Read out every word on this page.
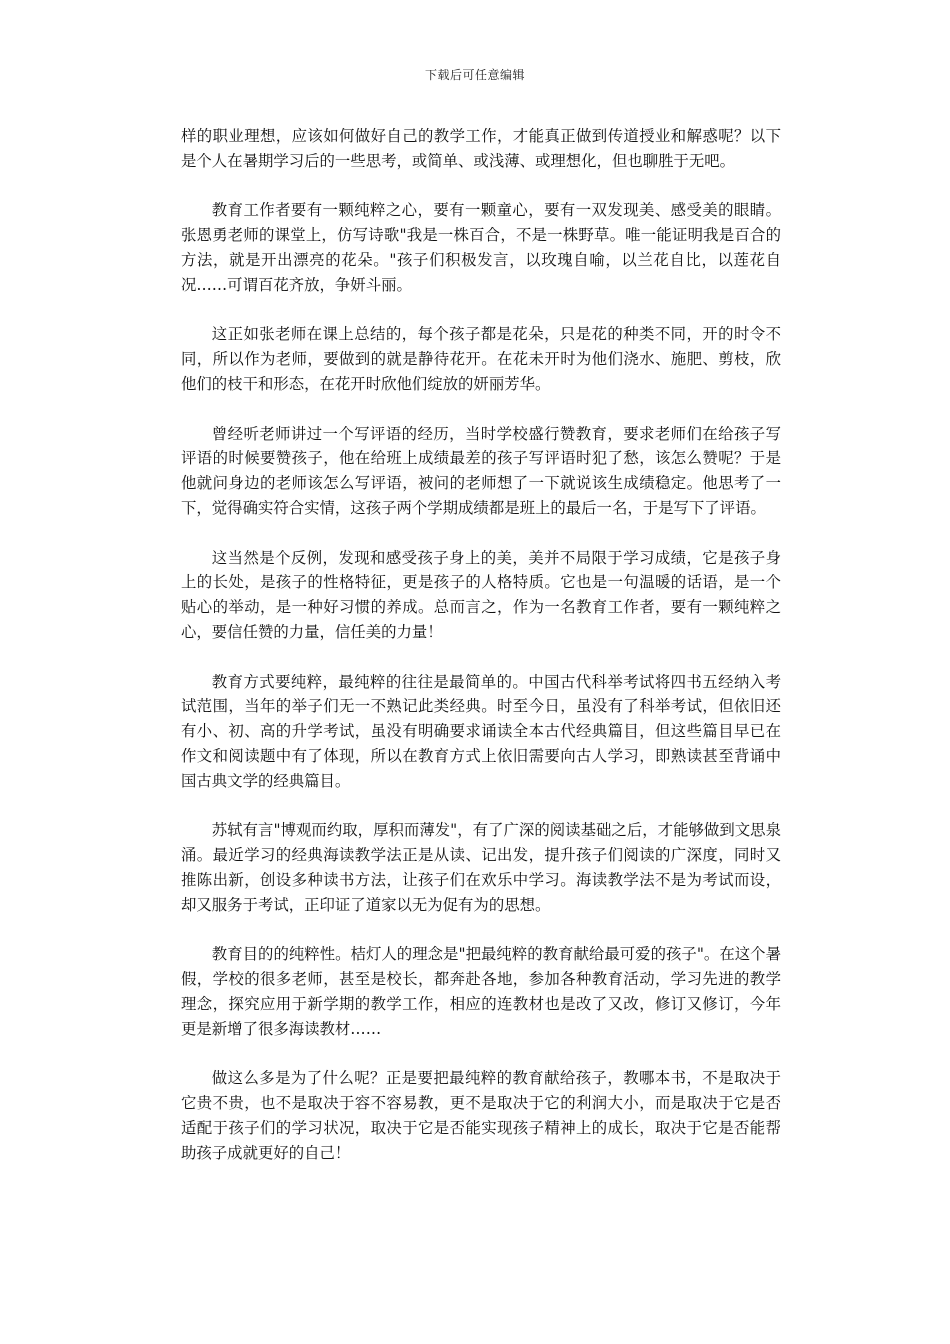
下载后可任意编辑

样的职业理想，应该如何做好自己的教学工作，才能真正做到传道授业和解惑呢？以下是个人在暑期学习后的一些思考，或简单、或浅薄、或理想化，但也聊胜于无吧。

教育工作者要有一颗纯粹之心，要有一颗童心，要有一双发现美、感受美的眼睛。张恩勇老师的课堂上，仿写诗歌"我是一株百合，不是一株野草。唯一能证明我是百合的方法，就是开出漂亮的花朵。"孩子们积极发言，以玫瑰自喻，以兰花自比，以莲花自况……可谓百花齐放，争妍斗丽。

这正如张老师在课上总结的，每个孩子都是花朵，只是花的种类不同，开的时令不同，所以作为老师，要做到的就是静待花开。在花未开时为他们浇水、施肥、剪枝，欣他们的枝干和形态，在花开时欣他们绽放的妍丽芳华。

曾经听老师讲过一个写评语的经历，当时学校盛行赞教育，要求老师们在给孩子写评语的时候要赞孩子，他在给班上成绩最差的孩子写评语时犯了愁，该怎么赞呢？于是他就问身边的老师该怎么写评语，被问的老师想了一下就说该生成绩稳定。他思考了一下，觉得确实符合实情，这孩子两个学期成绩都是班上的最后一名，于是写下了评语。

这当然是个反例，发现和感受孩子身上的美，美并不局限于学习成绩，它是孩子身上的长处，是孩子的性格特征，更是孩子的人格特质。它也是一句温暖的话语，是一个贴心的举动，是一种好习惯的养成。总而言之，作为一名教育工作者，要有一颗纯粹之心，要信任赞的力量，信任美的力量！

教育方式要纯粹，最纯粹的往往是最简单的。中国古代科举考试将四书五经纳入考试范围，当年的举子们无一不熟记此类经典。时至今日，虽没有了科举考试，但依旧还有小、初、高的升学考试，虽没有明确要求诵读全本古代经典篇目，但这些篇目早已在作文和阅读题中有了体现，所以在教育方式上依旧需要向古人学习，即熟读甚至背诵中国古典文学的经典篇目。

苏轼有言"博观而约取，厚积而薄发"，有了广深的阅读基础之后，才能够做到文思泉涌。最近学习的经典海读教学法正是从读、记出发，提升孩子们阅读的广深度，同时又推陈出新，创设多种读书方法，让孩子们在欢乐中学习。海读教学法不是为考试而设，却又服务于考试，正印证了道家以无为促有为的思想。

教育目的的纯粹性。桔灯人的理念是"把最纯粹的教育献给最可爱的孩子"。在这个暑假，学校的很多老师，甚至是校长，都奔赴各地，参加各种教育活动，学习先进的教学理念，探究应用于新学期的教学工作，相应的连教材也是改了又改，修订又修订，今年更是新增了很多海读教材……

做这么多是为了什么呢？正是要把最纯粹的教育献给孩子，教哪本书，不是取决于它贵不贵，也不是取决于容不容易教，更不是取决于它的利润大小，而是取决于它是否适配于孩子们的学习状况，取决于它是否能实现孩子精神上的成长，取决于它是否能帮助孩子成就更好的自己！
